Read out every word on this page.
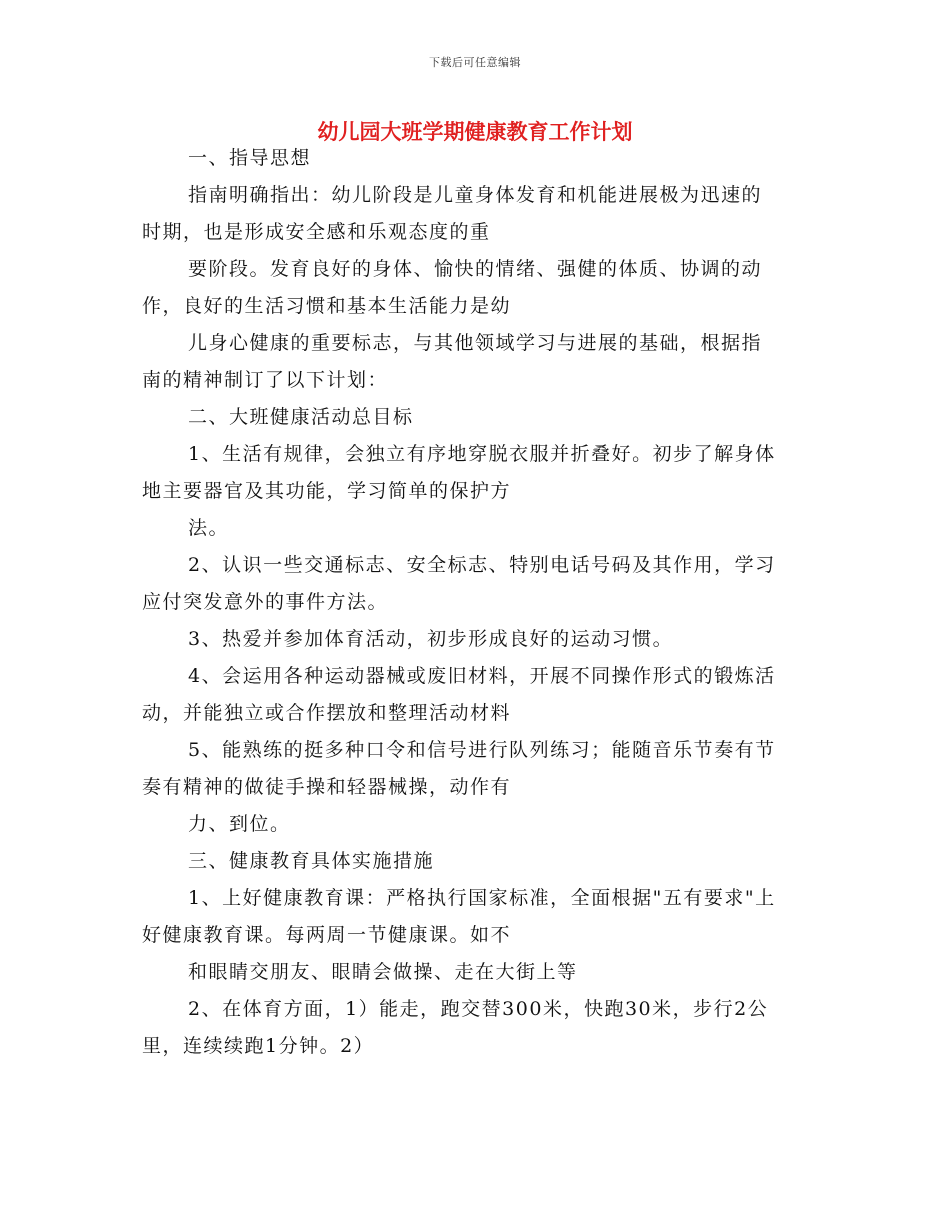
下载后可任意编辑
幼儿园大班学期健康教育工作计划
一、指导思想
指南明确指出：幼儿阶段是儿童身体发育和机能进展极为迅速的
时期，也是形成安全感和乐观态度的重
要阶段。发育良好的身体、愉快的情绪、强健的体质、协调的动
作，良好的生活习惯和基本生活能力是幼
儿身心健康的重要标志，与其他领域学习与进展的基础，根据指
南的精神制订了以下计划：
二、大班健康活动总目标
1、生活有规律，会独立有序地穿脱衣服并折叠好。初步了解身体
地主要器官及其功能，学习简单的保护方
法。
2、认识一些交通标志、安全标志、特别电话号码及其作用，学习
应付突发意外的事件方法。
3、热爱并参加体育活动，初步形成良好的运动习惯。
4、会运用各种运动器械或废旧材料，开展不同操作形式的锻炼活
动，并能独立或合作摆放和整理活动材料
5、能熟练的挺多种口令和信号进行队列练习；能随音乐节奏有节
奏有精神的做徒手操和轻器械操，动作有
力、到位。
三、健康教育具体实施措施
1、上好健康教育课：严格执行国家标准，全面根据"五有要求"上
好健康教育课。每两周一节健康课。如不
和眼睛交朋友、眼睛会做操、走在大街上等
2、在体育方面，1）能走，跑交替300米，快跑30米，步行2公
里，连续续跑1分钟。2）
